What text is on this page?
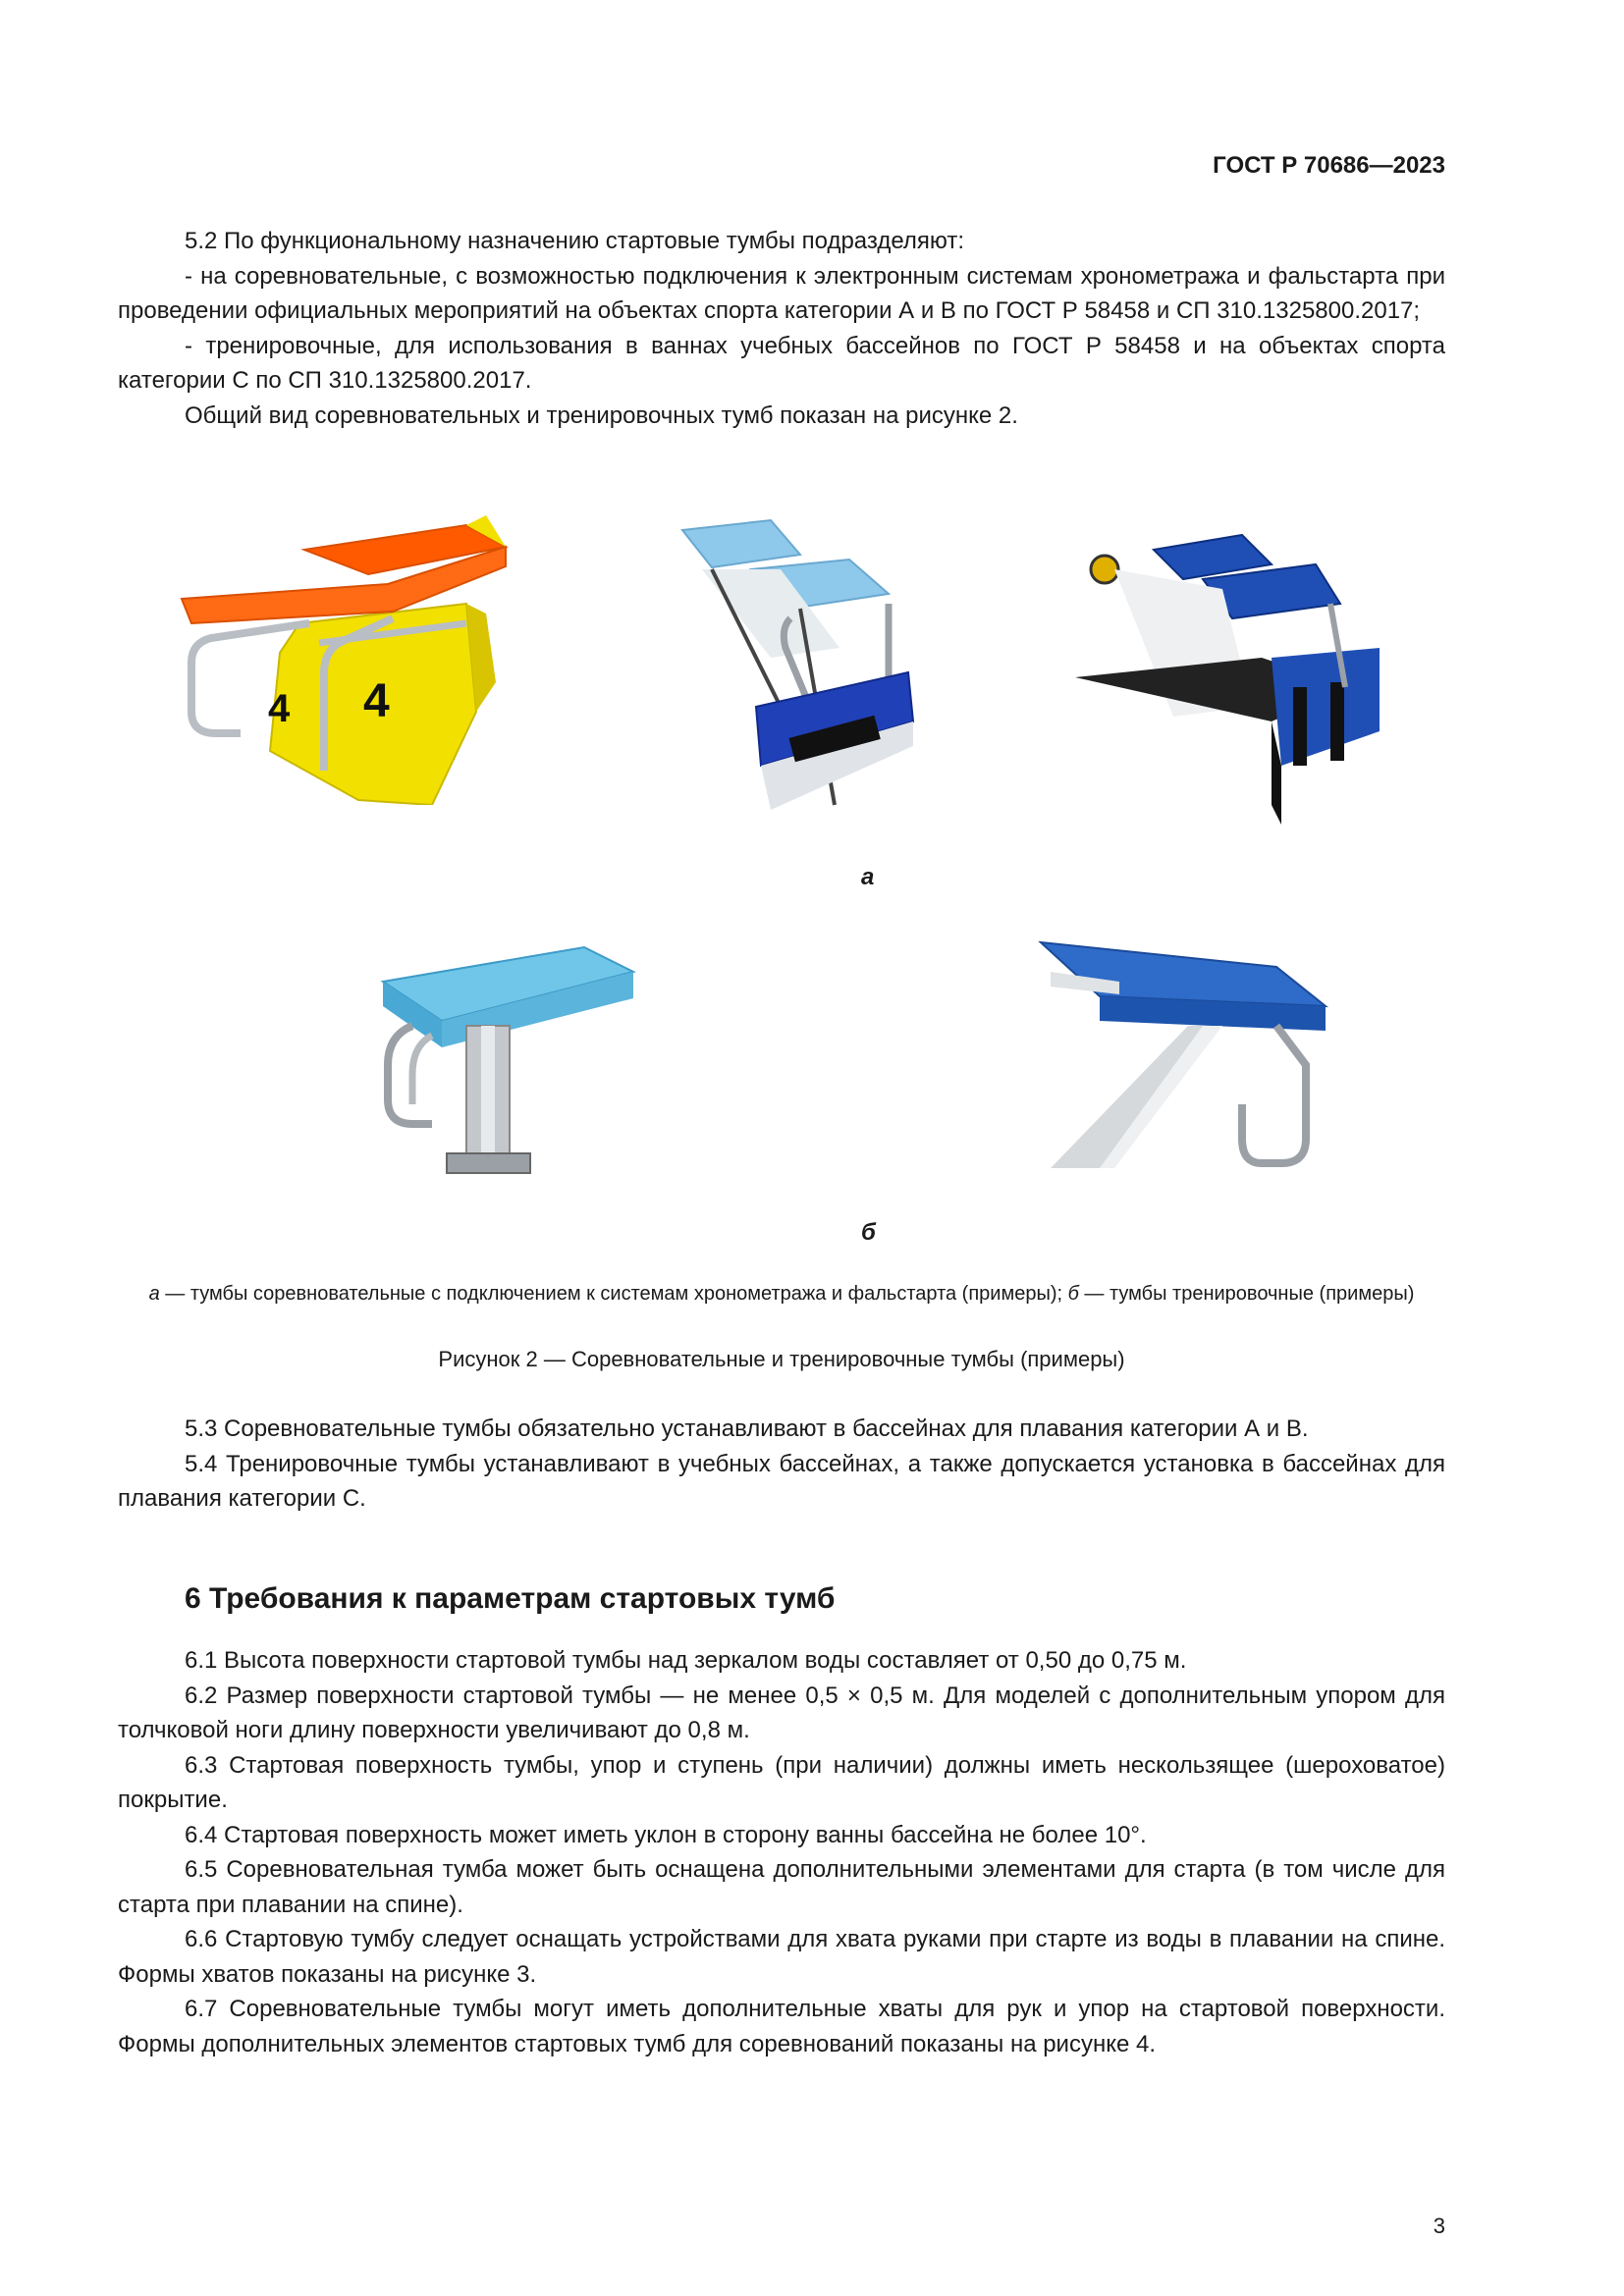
ГОСТ Р 70686—2023

5.2 По функциональному назначению стартовые тумбы подразделяют:

- на соревновательные, с возможностью подключения к электронным системам хронометража и фальстарта при проведении официальных мероприятий на объектах спорта категории А и В по ГОСТ Р 58458 и СП 310.1325800.2017;

- тренировочные, для использования в ваннах учебных бассейнов по ГОСТ Р 58458 и на объектах спорта категории С по СП 310.1325800.2017.

Общий вид соревновательных и тренировочных тумб показан на рисунке 2.

4
4
а
б
а — тумбы соревновательные с подключением к системам хронометража и фальстарта (примеры); б — тумбы тренировочные (примеры)
Рисунок 2 — Соревновательные и тренировочные тумбы (примеры)

5.3 Соревновательные тумбы обязательно устанавливают в бассейнах для плавания категории А и В.

5.4 Тренировочные тумбы устанавливают в учебных бассейнах, а также допускается установка в бассейнах для плавания категории С.

6 Требования к параметрам стартовых тумб

6.1 Высота поверхности стартовой тумбы над зеркалом воды составляет от 0,50 до 0,75 м.

6.2 Размер поверхности стартовой тумбы — не менее 0,5 × 0,5 м. Для моделей с дополнительным упором для толчковой ноги длину поверхности увеличивают до 0,8 м.

6.3 Стартовая поверхность тумбы, упор и ступень (при наличии) должны иметь нескользящее (шероховатое) покрытие.

6.4 Стартовая поверхность может иметь уклон в сторону ванны бассейна не более 10°.

6.5 Соревновательная тумба может быть оснащена дополнительными элементами для старта (в том числе для старта при плавании на спине).

6.6 Стартовую тумбу следует оснащать устройствами для хвата руками при старте из воды в плавании на спине. Формы хватов показаны на рисунке 3.

6.7 Соревновательные тумбы могут иметь дополнительные хваты для рук и упор на стартовой поверхности. Формы дополнительных элементов стартовых тумб для соревнований показаны на рисунке 4.

3
